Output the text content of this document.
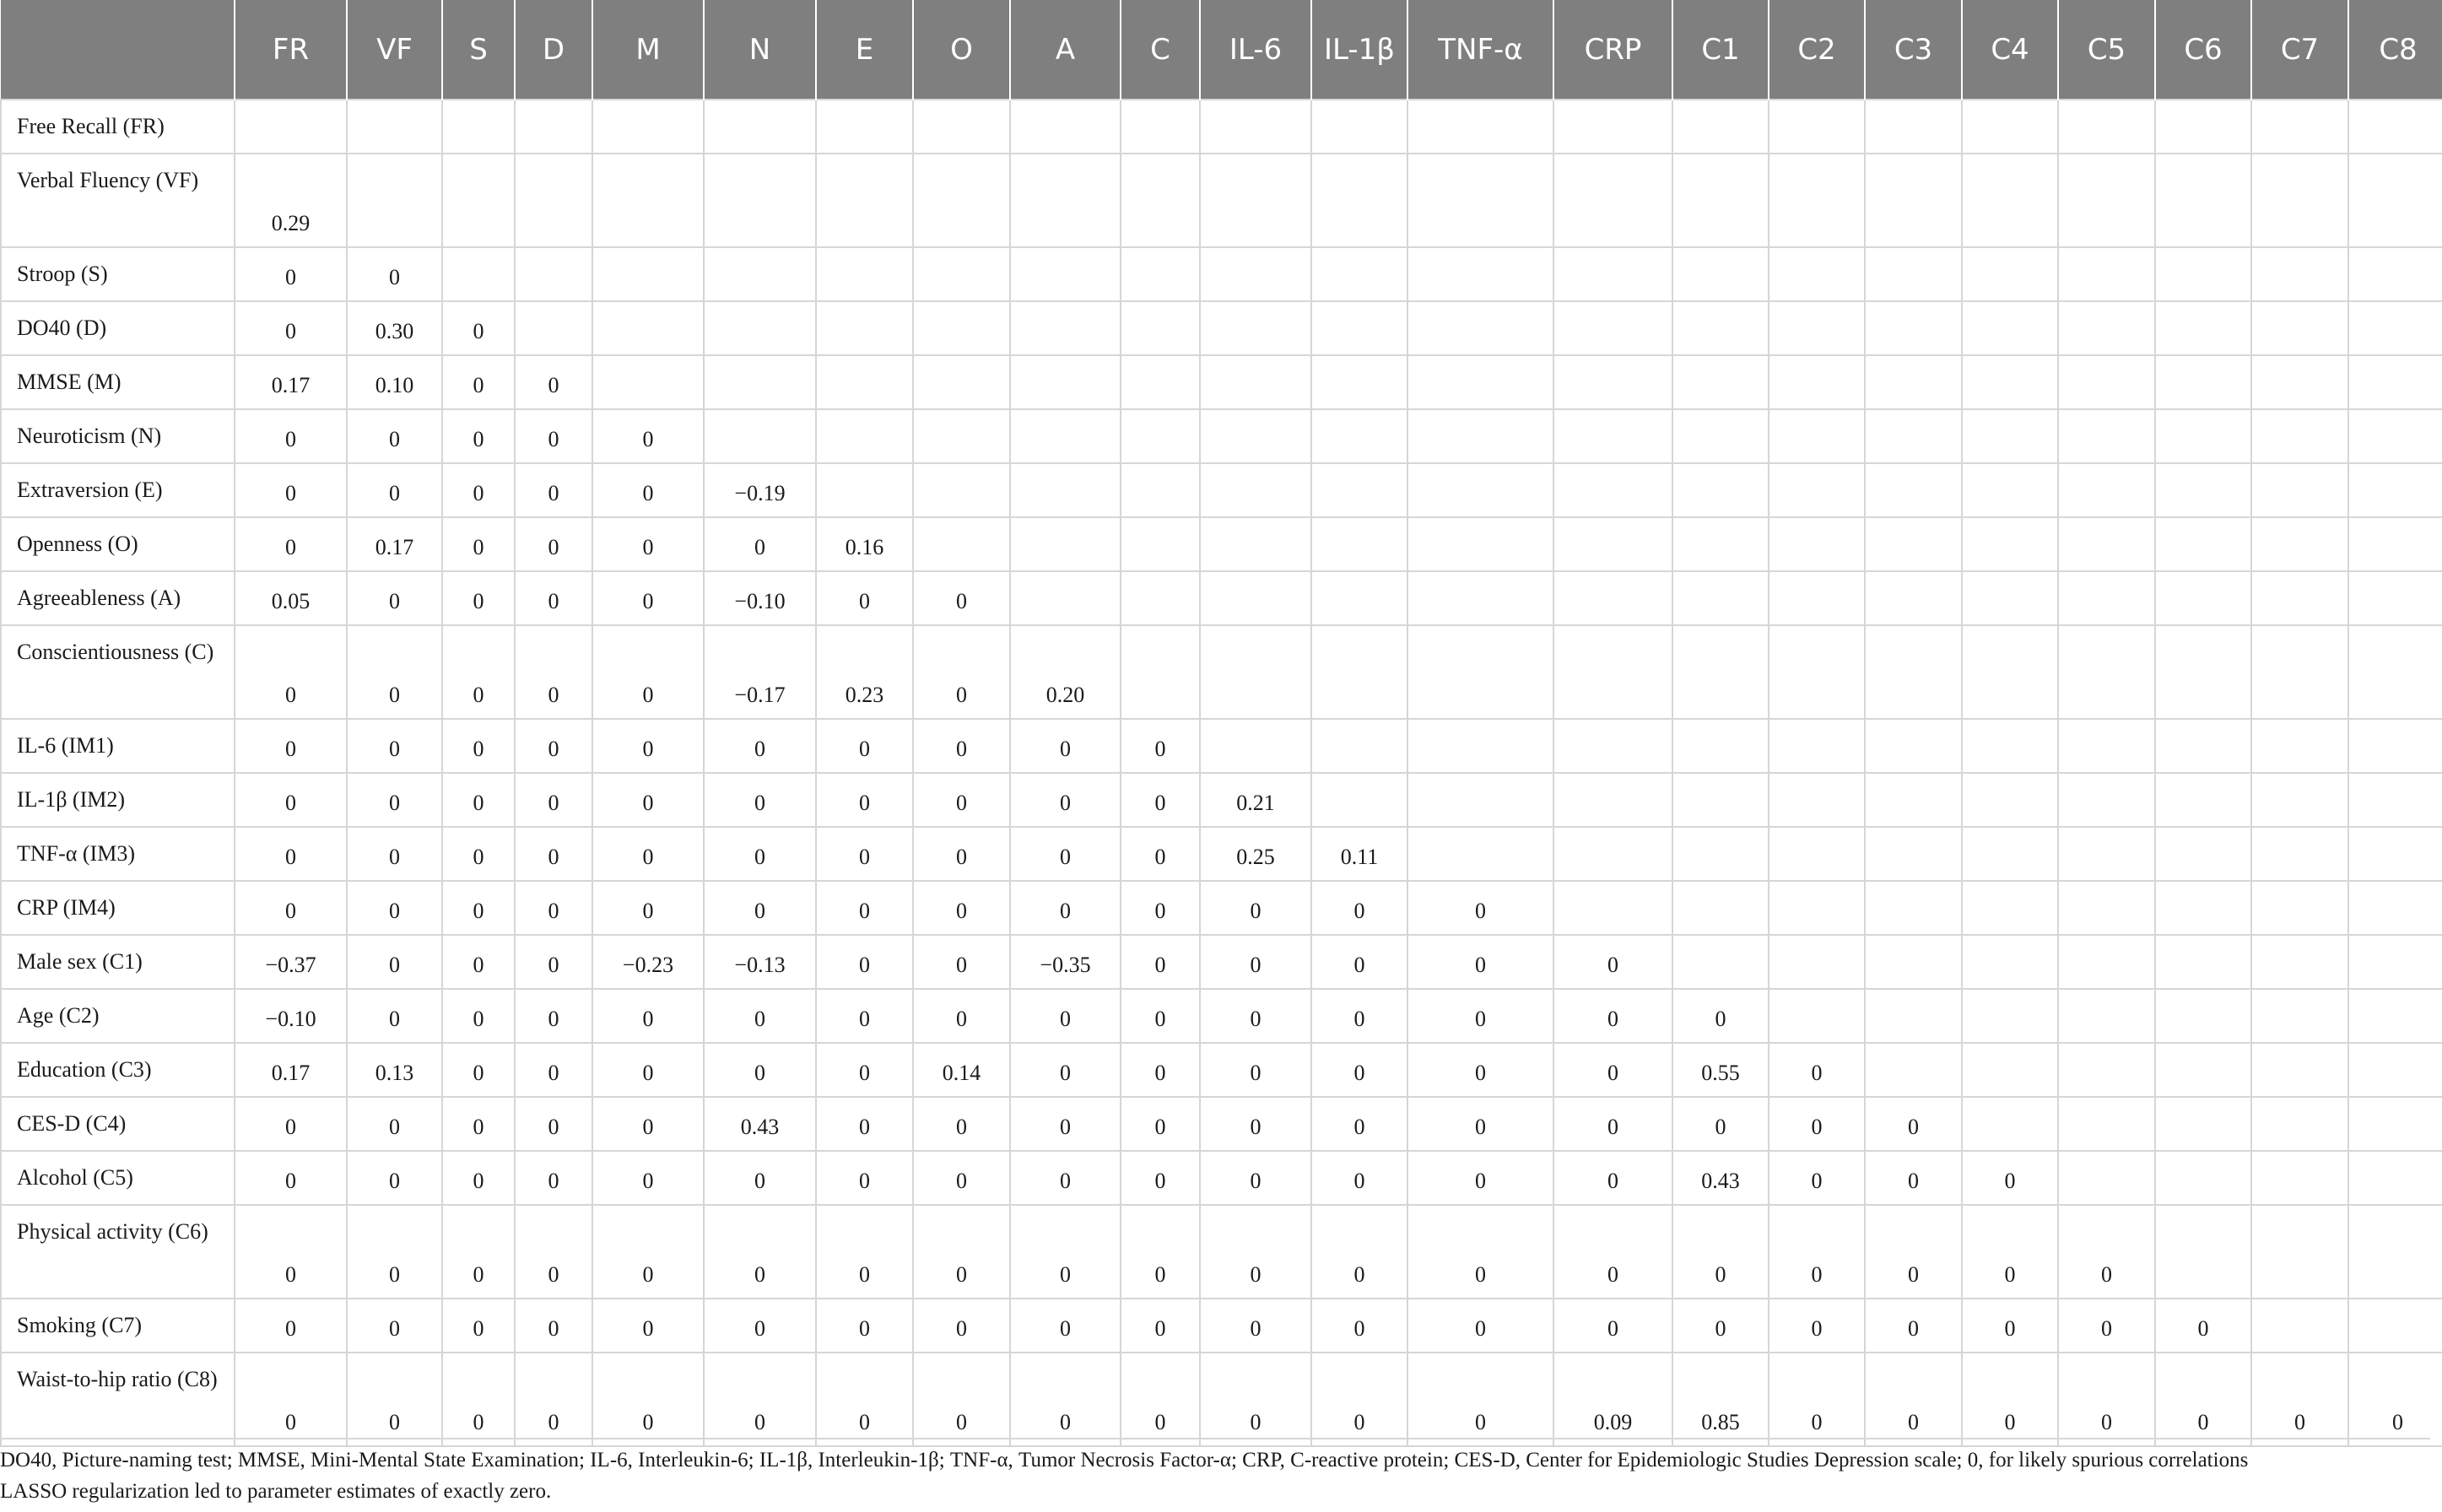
	FR	VF	S	D	M	N	E	O	A	C	IL-6	IL-1β	TNF-α	CRP	C1	C2	C3	C4	C5	C6	C7	C8
Free Recall (FR)																						
Verbal Fluency (VF)	0.29																					
Stroop (S)	0	0																				
DO40 (D)	0	0.30	0																			
MMSE (M)	0.17	0.10	0	0																		
Neuroticism (N)	0	0	0	0	0																	
Extraversion (E)	0	0	0	0	0	−0.19																
Openness (O)	0	0.17	0	0	0	0	0.16															
Agreeableness (A)	0.05	0	0	0	0	−0.10	0	0														
Conscientiousness (C)	0	0	0	0	0	−0.17	0.23	0	0.20													
IL-6 (IM1)	0	0	0	0	0	0	0	0	0	0												
IL-1β (IM2)	0	0	0	0	0	0	0	0	0	0	0.21											
TNF-α (IM3)	0	0	0	0	0	0	0	0	0	0	0.25	0.11										
CRP (IM4)	0	0	0	0	0	0	0	0	0	0	0	0	0									
Male sex (C1)	−0.37	0	0	0	−0.23	−0.13	0	0	−0.35	0	0	0	0	0								
Age (C2)	−0.10	0	0	0	0	0	0	0	0	0	0	0	0	0	0							
Education (C3)	0.17	0.13	0	0	0	0	0	0.14	0	0	0	0	0	0	0.55	0						
CES-D (C4)	0	0	0	0	0	0.43	0	0	0	0	0	0	0	0	0	0	0					
Alcohol (C5)	0	0	0	0	0	0	0	0	0	0	0	0	0	0	0.43	0	0	0				
Physical activity (C6)	0	0	0	0	0	0	0	0	0	0	0	0	0	0	0	0	0	0	0			
Smoking (C7)	0	0	0	0	0	0	0	0	0	0	0	0	0	0	0	0	0	0	0	0		
Waist-to-hip ratio (C8)	0	0	0	0	0	0	0	0	0	0	0	0	0	0.09	0.85	0	0	0	0	0	0	0
DO40, Picture-naming test; MMSE, Mini-Mental State Examination; IL-6, Interleukin-6; IL-1β, Interleukin-1β; TNF-α, Tumor Necrosis Factor-α; CRP, C-reactive protein; CES-D, Center for Epidemiologic Studies Depression scale; 0, for likely spurious correlations
LASSO regularization led to parameter estimates of exactly zero.
